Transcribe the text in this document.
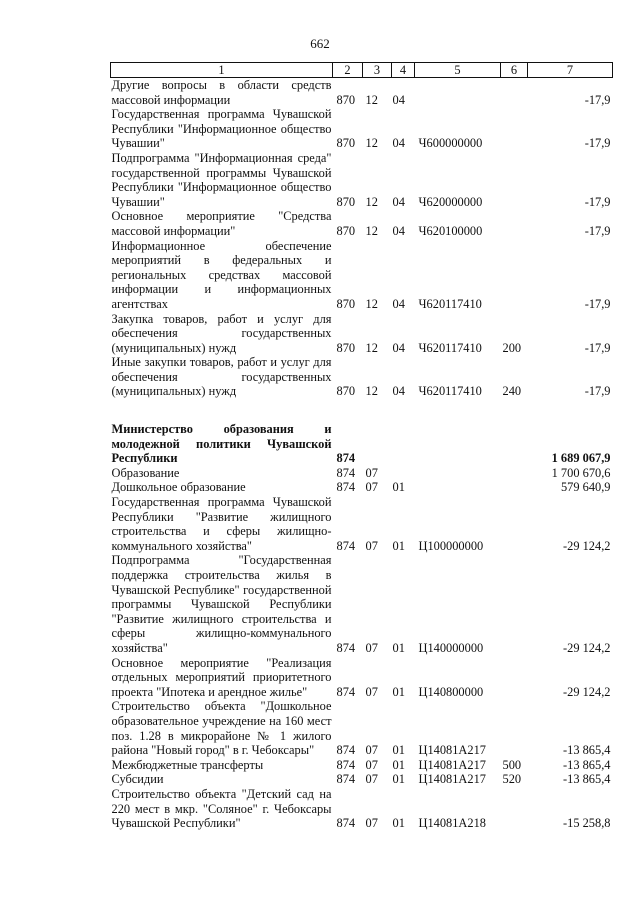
662
1	2	3	4	5	6	7
Другие вопросы в области средств массовой информации	870	12	04			-17,9
Государственная программа Чувашской Республики "Информационное общество Чувашии"	870	12	04	Ч600000000		-17,9
Подпрограмма "Информационная среда" государственной программы Чувашской Республики "Информационное общество Чувашии"	870	12	04	Ч620000000		-17,9
Основное мероприятие "Средства массовой информации"	870	12	04	Ч620100000		-17,9
Информационное обеспечение мероприятий в федеральных и региональных средствах массовой информации и информационных агентствах	870	12	04	Ч620117410		-17,9
Закупка товаров, работ и услуг для обеспечения государственных (муниципальных) нужд	870	12	04	Ч620117410	200	-17,9
Иные закупки товаров, работ и услуг для обеспечения государственных (муниципальных) нужд	870	12	04	Ч620117410	240	-17,9

Министерство образования и молодежной политики Чувашской Республики	874					1 689 067,9
Образование	874	07				1 700 670,6
Дошкольное образование	874	07	01			579 640,9
Государственная программа Чувашской Республики "Развитие жилищного строительства и сферы жилищно-коммунального хозяйства"	874	07	01	Ц100000000		-29 124,2
Подпрограмма "Государственная поддержка строительства жилья в Чувашской Республике" государственной программы Чувашской Республики "Развитие жилищного строительства и сферы жилищно-коммунального хозяйства"	874	07	01	Ц140000000		-29 124,2
Основное мероприятие "Реализация отдельных мероприятий приоритетного проекта "Ипотека и арендное жилье"	874	07	01	Ц140800000		-29 124,2
Строительство объекта "Дошкольное образовательное учреждение на 160 мест поз. 1.28 в микрорайоне № 1 жилого района "Новый город" в г. Чебоксары"	874	07	01	Ц14081А217		-13 865,4
Межбюджетные трансферты	874	07	01	Ц14081А217	500	-13 865,4
Субсидии	874	07	01	Ц14081А217	520	-13 865,4
Строительство объекта "Детский сад на 220 мест в мкр. "Соляное" г. Чебоксары Чувашской Республики"	874	07	01	Ц14081А218		-15 258,8
